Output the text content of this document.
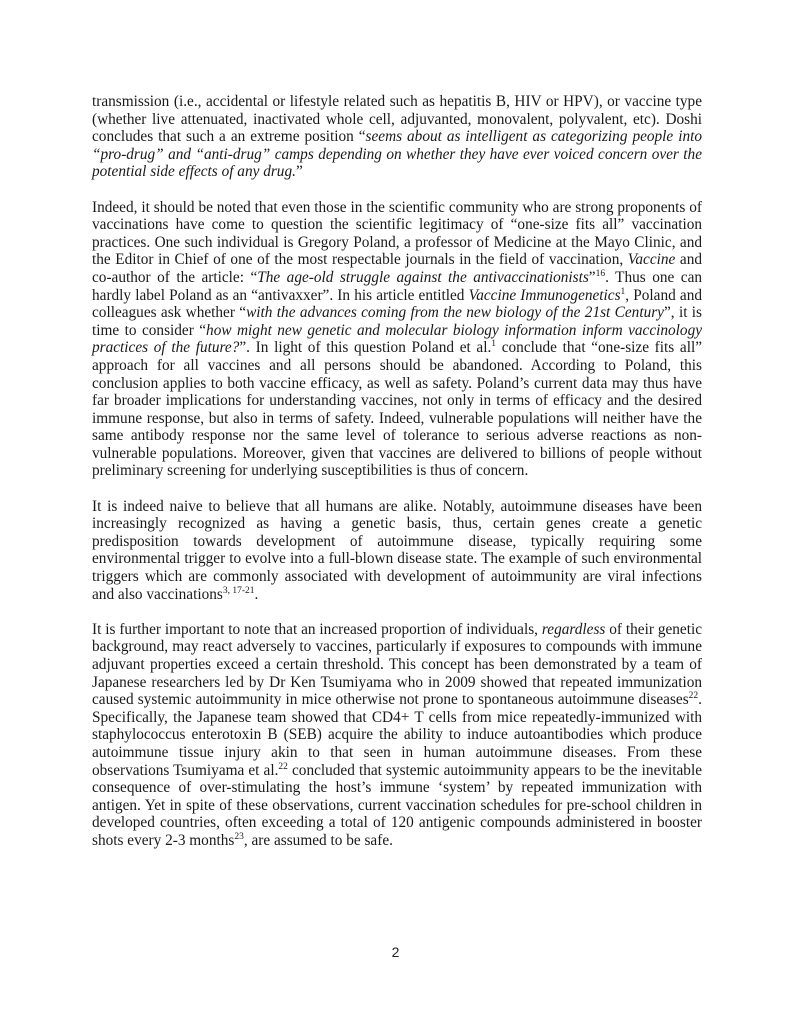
transmission (i.e., accidental or lifestyle related such as hepatitis B, HIV or HPV), or vaccine type (whether live attenuated, inactivated whole cell, adjuvanted, monovalent, polyvalent, etc). Doshi concludes that such a an extreme position “seems about as intelligent as categorizing people into “pro-drug” and “anti-drug” camps depending on whether they have ever voiced concern over the potential side effects of any drug.”

Indeed, it should be noted that even those in the scientific community who are strong proponents of vaccinations have come to question the scientific legitimacy of “one-size fits all” vaccination practices. One such individual is Gregory Poland, a professor of Medicine at the Mayo Clinic, and the Editor in Chief of one of the most respectable journals in the field of vaccination, Vaccine and co-author of the article: “The age-old struggle against the antivaccinationists”$^{16}$. Thus one can hardly label Poland as an “antivaxxer”. In his article entitled Vaccine Immunogenetics$^1$, Poland and colleagues ask whether “with the advances coming from the new biology of the 21st Century”, it is time to consider “how might new genetic and molecular biology information inform vaccinology practices of the future?”. In light of this question Poland et al.$^1$ conclude that “one-size fits all” approach for all vaccines and all persons should be abandoned. According to Poland, this conclusion applies to both vaccine efficacy, as well as safety. Poland’s current data may thus have far broader implications for understanding vaccines, not only in terms of efficacy and the desired immune response, but also in terms of safety. Indeed, vulnerable populations will neither have the same antibody response nor the same level of tolerance to serious adverse reactions as non-vulnerable populations. Moreover, given that vaccines are delivered to billions of people without preliminary screening for underlying susceptibilities is thus of concern.

It is indeed naive to believe that all humans are alike. Notably, autoimmune diseases have been increasingly recognized as having a genetic basis, thus, certain genes create a genetic predisposition towards development of autoimmune disease, typically requiring some environmental trigger to evolve into a full-blown disease state. The example of such environmental triggers which are commonly associated with development of autoimmunity are viral infections and also vaccinations$^{3, 17-21}$.

It is further important to note that an increased proportion of individuals, regardless of their genetic background, may react adversely to vaccines, particularly if exposures to compounds with immune adjuvant properties exceed a certain threshold. This concept has been demonstrated by a team of Japanese researchers led by Dr Ken Tsumiyama who in 2009 showed that repeated immunization caused systemic autoimmunity in mice otherwise not prone to spontaneous autoimmune diseases$^{22}$. Specifically, the Japanese team showed that CD4+ T cells from mice repeatedly-immunized with staphylococcus enterotoxin B (SEB) acquire the ability to induce autoantibodies which produce autoimmune tissue injury akin to that seen in human autoimmune diseases. From these observations Tsumiyama et al.$^{22}$ concluded that systemic autoimmunity appears to be the inevitable consequence of over-stimulating the host’s immune ‘system’ by repeated immunization with antigen. Yet in spite of these observations, current vaccination schedules for pre-school children in developed countries, often exceeding a total of 120 antigenic compounds administered in booster shots every 2-3 months$^{23}$, are assumed to be safe.

2
